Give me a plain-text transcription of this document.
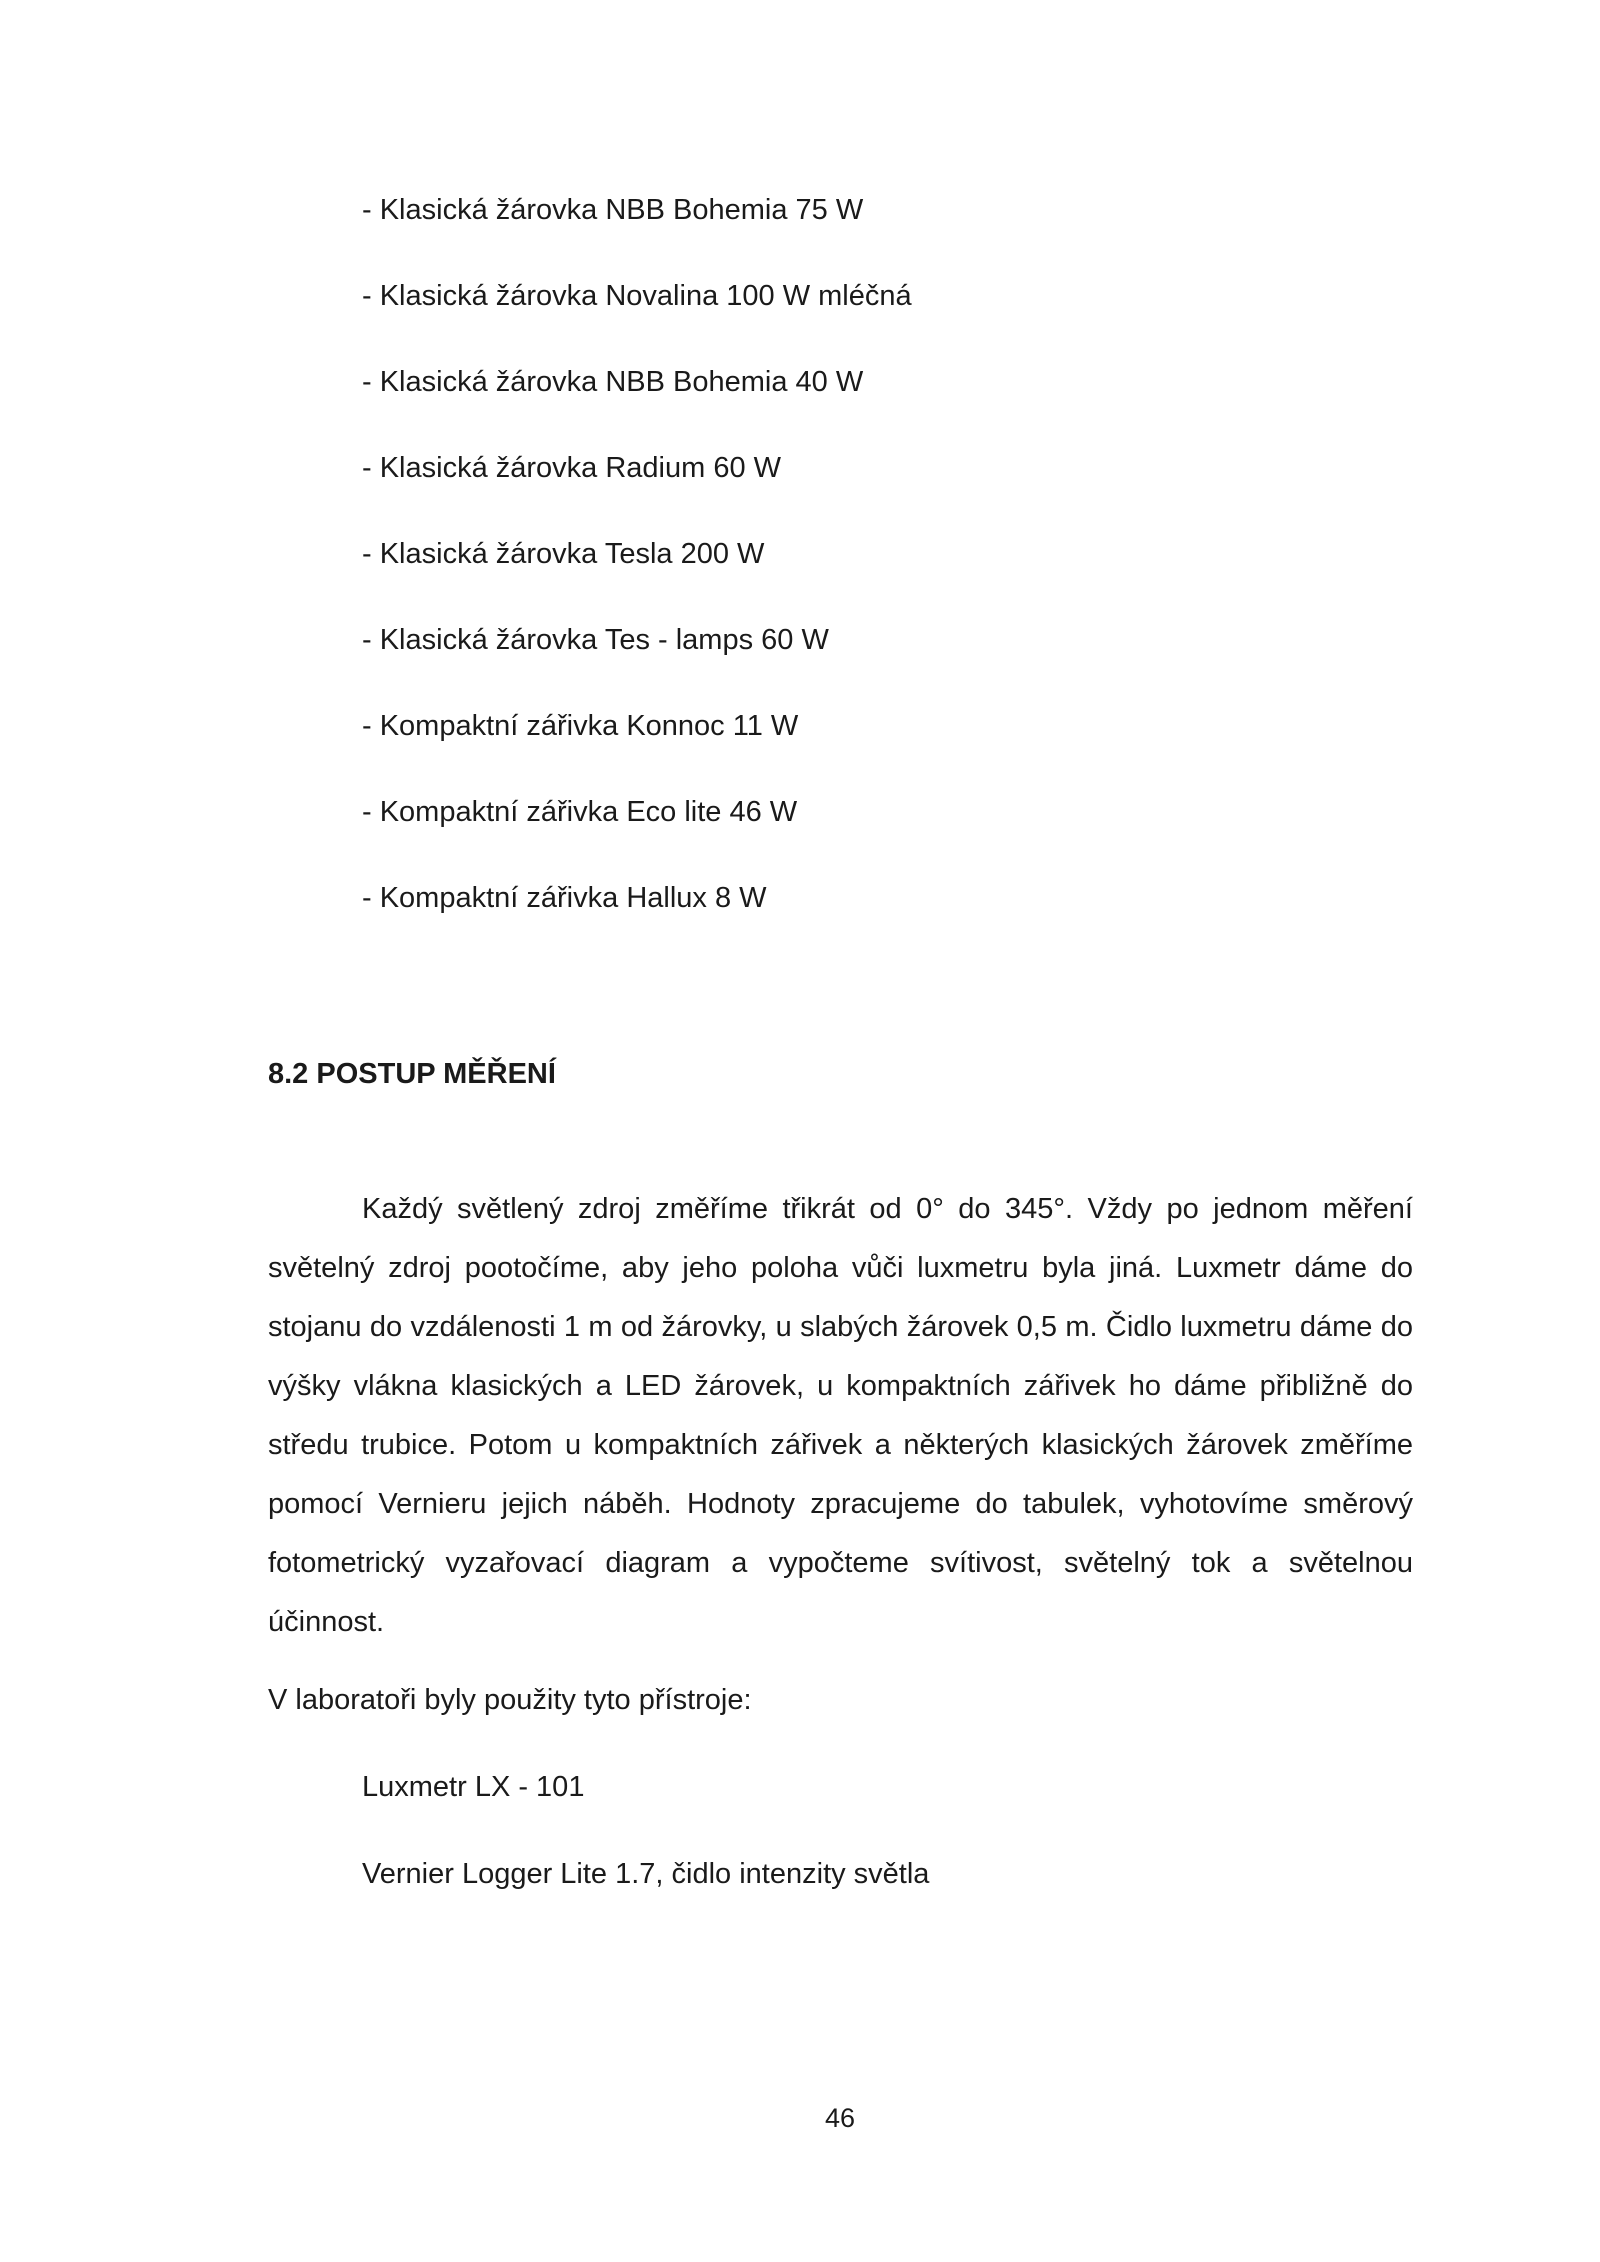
- Klasická žárovka NBB Bohemia 75 W
- Klasická žárovka Novalina 100 W mléčná
- Klasická žárovka NBB Bohemia 40 W
- Klasická žárovka Radium 60 W
- Klasická žárovka Tesla 200 W
- Klasická žárovka Tes - lamps 60 W
- Kompaktní zářivka Konnoc 11 W
- Kompaktní zářivka Eco lite 46 W
- Kompaktní zářivka Hallux 8 W
8.2 POSTUP MĚŘENÍ

Každý světlený zdroj změříme třikrát od 0° do 345°. Vždy po jednom měření světelný zdroj pootočíme, aby jeho poloha vůči luxmetru byla jiná. Luxmetr dáme do stojanu do vzdálenosti 1 m od žárovky, u slabých žárovek 0,5 m. Čidlo luxmetru dáme do výšky vlákna klasických a LED žárovek, u kompaktních zářivek ho dáme přibližně do středu trubice. Potom u kompaktních zářivek a některých klasických žárovek změříme pomocí Vernieru jejich náběh. Hodnoty zpracujeme do tabulek, vyhotovíme směrový fotometrický vyzařovací diagram a vypočteme svítivost, světelný tok a světelnou účinnost.

V laboratoři byly použity tyto přístroje:

Luxmetr LX - 101
Vernier Logger Lite 1.7, čidlo intenzity světla
46
